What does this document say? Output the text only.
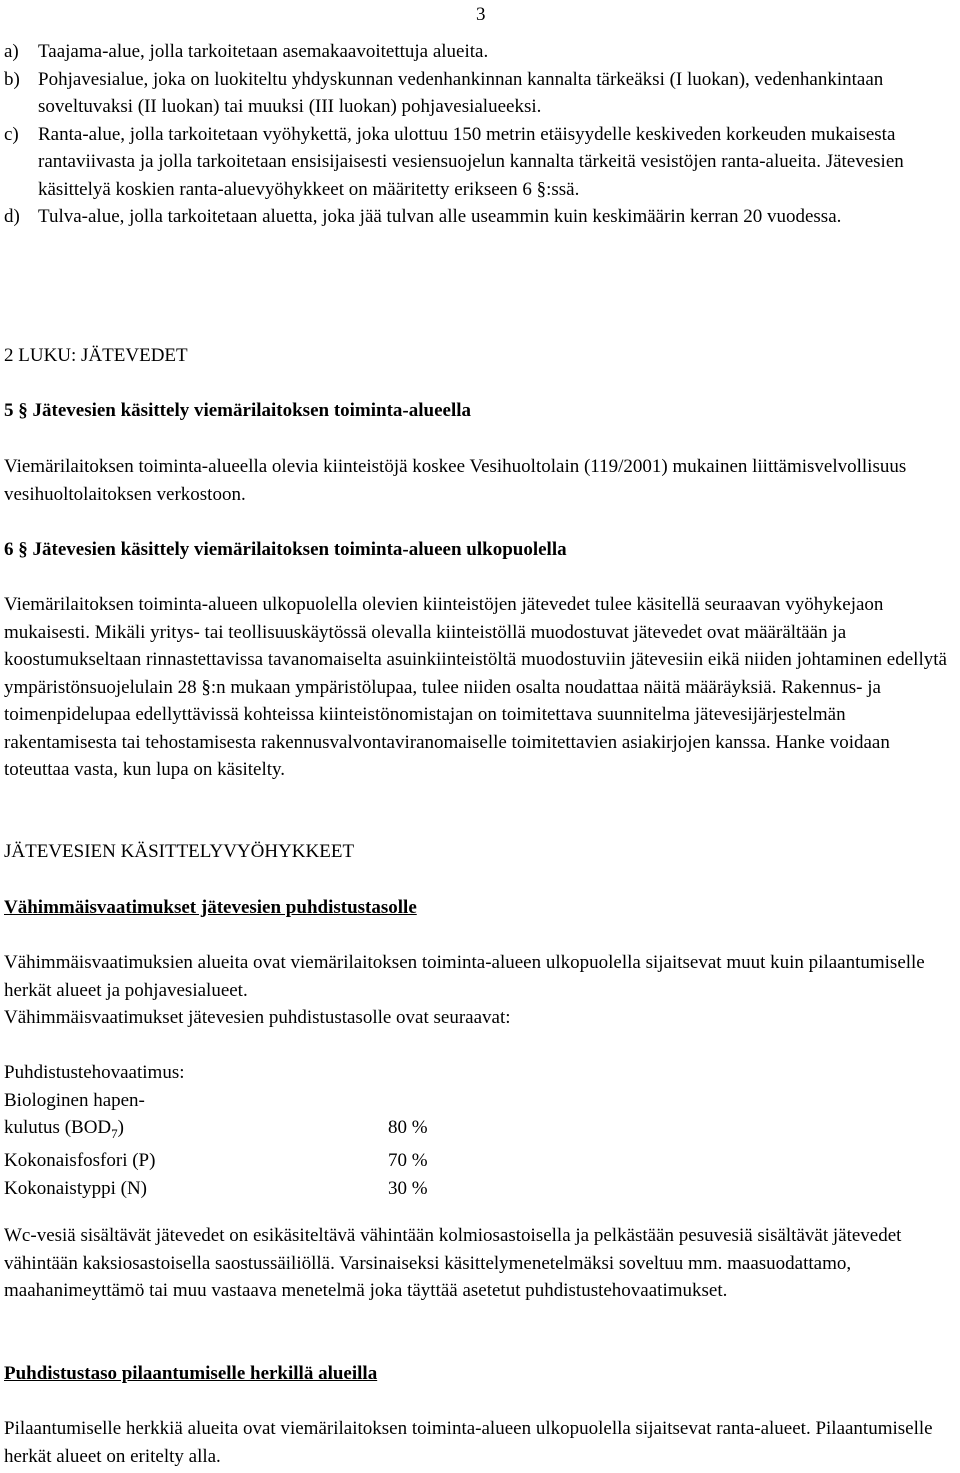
3
a)	Taajama-alue, jolla tarkoitetaan asemakaavoitettuja alueita.
b) Pohjavesialue, joka on luokiteltu yhdyskunnan vedenhankinnan kannalta tärkeäksi (I luokan), vedenhankintaan soveltuvaksi (II luokan) tai muuksi (III luokan) pohjavesialueeksi.
c)	Ranta-alue, jolla tarkoitetaan vyöhykettä, joka ulottuu 150 metrin etäisyydelle keskiveden korkeuden mukaisesta rantaviivasta ja jolla tarkoitetaan ensisijaisesti vesiensuojelun kannalta tärkeitä vesistöjen ranta-alueita. Jätevesien käsittelyä koskien ranta-aluevyöhykkeet on määritetty erikseen 6 §:ssä.
d) Tulva-alue, jolla tarkoitetaan aluetta, joka jää tulvan alle useammin kuin keskimäärin kerran 20 vuodessa.

2 LUKU: JÄTEVEDET

5 § Jätevesien käsittely viemärilaitoksen toiminta-alueella

Viemärilaitoksen toiminta-alueella olevia kiinteistöjä koskee Vesihuoltolain (119/2001) mukainen liittämisvelvollisuus vesihuoltolaitoksen verkostoon.

6 § Jätevesien käsittely viemärilaitoksen toiminta-alueen ulkopuolella

Viemärilaitoksen toiminta-alueen ulkopuolella olevien kiinteistöjen jätevedet tulee käsitellä seuraavan vyöhykejaon mukaisesti. Mikäli yritys- tai teollisuuskäytössä olevalla kiinteistöllä muodostuvat jätevedet ovat määrältään ja koostumukseltaan rinnastettavissa tavanomaiselta asuinkiinteistöltä muodostuviin jätevesiin eikä niiden johtaminen edellytä ympäristönsuojelulain 28 §:n mukaan ympäristölupaa, tulee niiden osalta noudattaa näitä määräyksiä. Rakennus- ja toimenpidelupaa edellyttävissä kohteissa kiinteistönomistajan on toimitettava suunnitelma jätevesijärjestelmän rakentamisesta tai tehostamisesta rakennusvalvontaviranomaiselle toimitettavien asiakirjojen kanssa. Hanke voidaan toteuttaa vasta, kun lupa on käsitelty.

JÄTEVESIEN KÄSITTELYVYÖHYKKEET

Vähimmäisvaatimukset jätevesien puhdistustasolle

Vähimmäisvaatimuksien alueita ovat viemärilaitoksen toiminta-alueen ulkopuolella sijaitsevat muut kuin pilaantumiselle herkät alueet ja pohjavesialueet.

Vähimmäisvaatimukset jätevesien puhdistustasolle ovat seuraavat:

Puhdistustehovaatimus:
Biologinen hapen-
kulutus $(BOD_7)$	80 %
Kokonaisfosfori (P)	70 %
Kokonaistyppi (N)	30 %

Wc-vesiä sisältävät jätevedet on esikäsiteltävä vähintään kolmiosastoisella ja pelkästään pesuvesiä sisältävät jätevedet vähintään kaksiosastoisella saostussäiliöllä. Varsinaiseksi käsittelymenetelmäksi soveltuu mm. maasuodattamo, maahanimeyttämö tai muu vastaava menetelmä joka täyttää asetetut puhdistustehovaatimukset.

Puhdistustaso pilaantumiselle herkillä alueilla

Pilaantumiselle herkkiä alueita ovat viemärilaitoksen toiminta-alueen ulkopuolella sijaitsevat ranta-alueet. Pilaantumiselle herkät alueet on eritelty alla.
